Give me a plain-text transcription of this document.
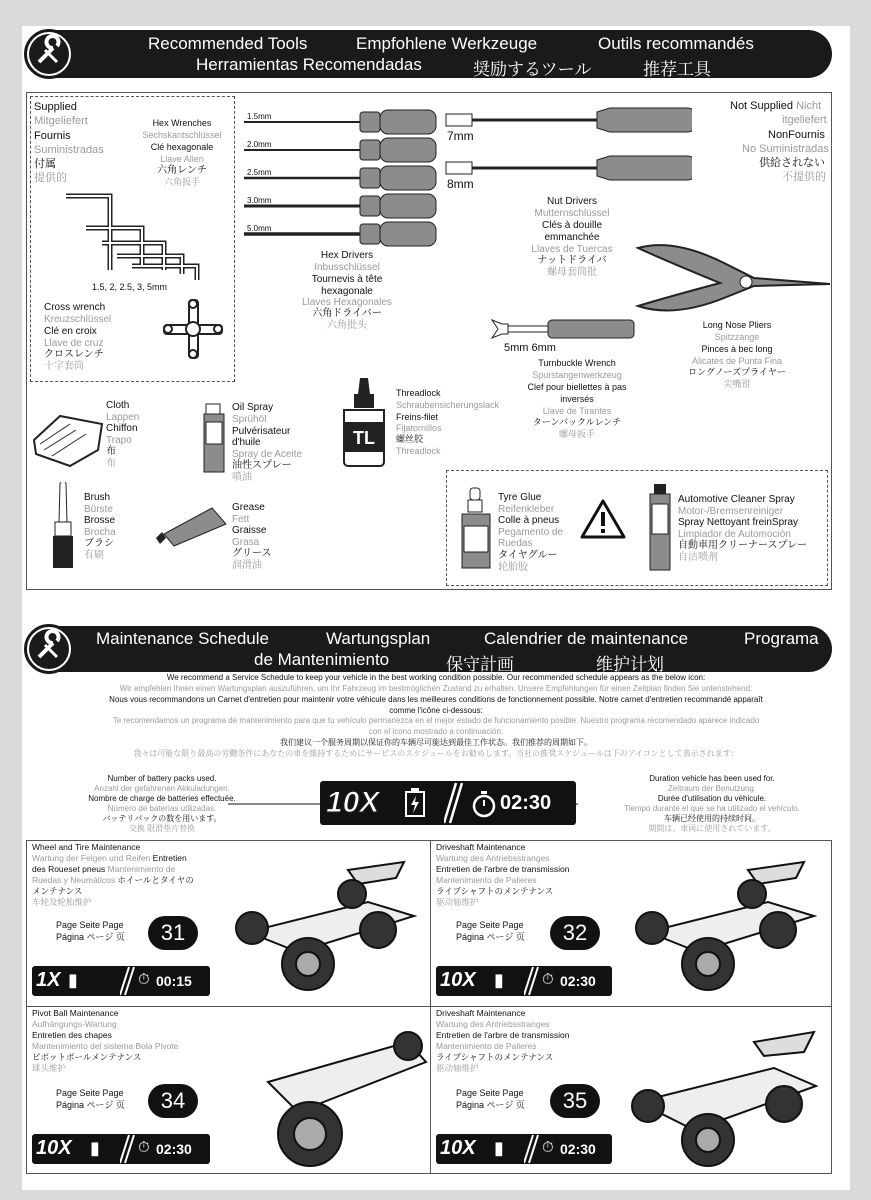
Recommended Tools	Empfohlene Werkzeuge	Outils recommandés
Herramientas Recomendadas	奨励するツール	推荐工具
Supplied
Mitgeliefert
Fournis
Suministradas
付属
提供的
Hex Wrenches
Sechskantschlüssel
Clé hexagonale
Llave Allen
六角レンチ
六角扳手
1.5, 2, 2.5, 3, 5mm
Cross wrench
Kreuzschlüssel
Clé en croix
Llave de cruz
クロスレンチ
十字套筒
1.5mm
2.0mm
2.5mm
3.0mm
5.0mm
Hex Drivers
Inbusschlüssel
Tournevis à tête
hexagonale
Llaves Hexagonales
六角ドライバー
六角批头
7mm
8mm
Nut Drivers
Mutternschlüssel
Clés à douille
emmanchée
Llaves de Tuercas
ナットドライバ
螺母套筒批
Not Supplied Nicht
itgeliefert
NonFournis
No Suministradas
供給されない
不提供的
Long Nose Pliers
Spitzzange
Pinces à bec long
Alicates de Punta Fina
ロングノーズプライヤー
尖嘴钳
5mm 6mm
Turnbuckle Wrench
Spurstangenwerkzeug
Clef pour biellettes à pas
inversés
Llave de Tirantes
ターンバックルレンチ
螺母扳手
Cloth
Lappen
Chiffon
Trapo
布
布
Oil Spray
Sprühöl
Pulvérisateur
d'huile
Spray de Aceite
油性スプレー
噴油
TL
Threadlock
Schraubensicherungslack
Freins-filet
Fijatornillos
螺丝胶
Threadlock
Brush
Bürste
Brosse
Brocha
ブラシ
有刷
Grease
Fett
Graisse
Grasa
グリース
润滑油
Tyre Glue
Reifenkleber
Colle à pneus
Pegamento de
Ruedas
タイヤグルー
轮胎胶
Automotive Cleaner Spray
Motor-/Bremsenreiniger
Spray Nettoyant freinSpray
Limpiador de Automoción
自動車用クリーナースプレー
自洁喷剂
Maintenance Schedule	Wartungsplan	Calendrier de maintenance	Programa
de Mantenimiento	保守計画	维护计划
We recommend a Service Schedule to keep your vehicle in the best working condition possible. Our recommended schedule appears as the below icon:
Wir empfehlen Ihnen einen Wartungsplan auszuführen, um Ihr Fahrzeug im bestmöglichen Zustand zu erhalten. Unsere Empfehlungen für einen Zeitplan finden Sie untenstehend:
Nous vous recommandons un Carnet d'entretien pour maintenir votre véhicule dans les meilleures conditions de fonctionnement possible. Notre carnet d'entretien recommandé apparaît
comme l'icône ci-dessous:
Te recomendamos un programa de mantenimiento para que tu vehículo permanezca en el mejor estado de funcionamiento posible. Nuestro programa recomendado aparece indicado
con el icono mostrado a continuación:
我们建议一个服务周期以保证你的车辆尽可能达到最佳工作状态。我们推荐的周期如下。
我々は可能な限り最高の労働条件にあなたの車を維持するためにサービスのスケジュールをお勧めします。当社の推奨スケジュールは下のアイコンとして表示されます：
Number of battery packs used.
Anzahl der gefahrenen Akkuladungen.
Nombre de charge de batteries effectuée.
Número de baterías utilizadas.
バッテリパックの数を用います。
交换 限滑垫片替换
10X	02:30
Duration vehicle has been used for.
Zeitraum der Benutzung.
Durée d'utilisation du véhicule.
Tiempo durante el que se ha utilizado el vehículo.
车辆已经使用的持续时间。
期間は、車両に使用されています。
Wheel and Tire Maintenance
Wartung der Felgen und Reifen Entretien
des Roueset pneus Mantenimiento de
Ruedas y Neumáticos ホイールとタイヤの
メンテナンス
车轮及轮胎维护
Page Seite Page
Página ページ 页	31
1X ▮	⏱ 00:15
Driveshaft Maintenance
Wartung des Antriebsstranges
Entretien de l'arbre de transmission
Mantenimiento de Palieres
ライブシャフトのメンテナンス
驱动轴维护
Page Seite Page
Página ページ 页	32
10X ▮	⏱ 02:30
Pivot Ball Maintenance
Aufhängungs-Wartung
Entretien des chapes
Mantenimiento del sistema Bola Pivote
ピボットボールメンテナンス
球头维护
Page Seite Page
Página ページ 页	34
10X ▮	⏱ 02:30
Driveshaft Maintenance
Wartung des Antriebsstranges
Entretien de l'arbre de transmission
Mantenimiento de Palieres
ライブシャフトのメンテナンス
驱动轴维护
Page Seite Page
Página ページ 页	35
10X ▮	⏱ 02:30
